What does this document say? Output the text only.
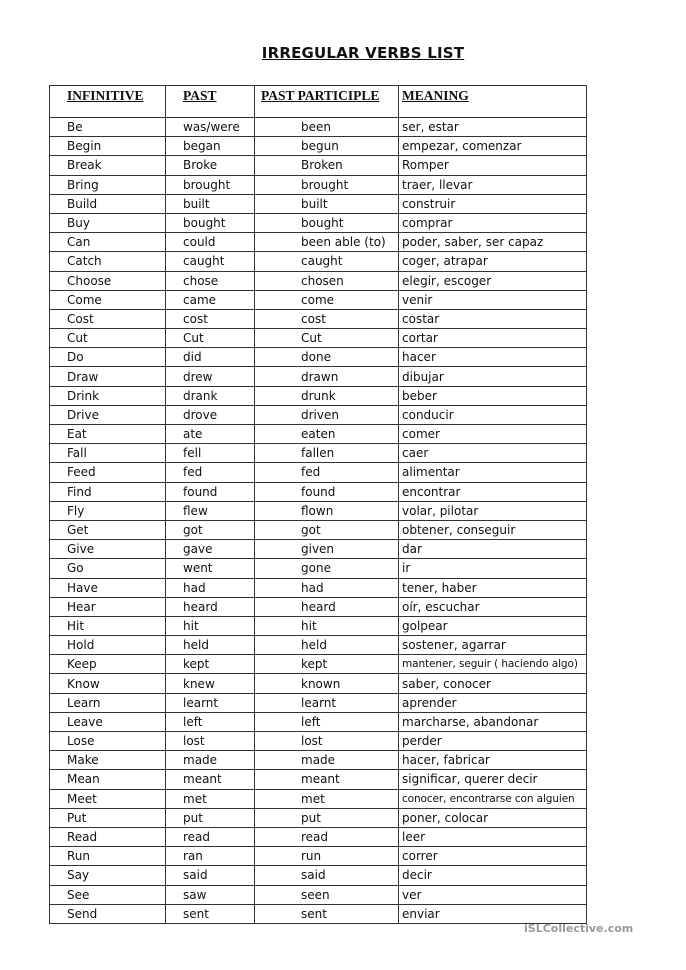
IRREGULAR VERBS LIST
INFINITIVE	PAST	PAST PARTICIPLE	MEANING
Be	was/were	been	ser, estar
Begin	began	begun	empezar, comenzar
Break	Broke	Broken	Romper
Bring	brought	brought	traer, llevar
Build	built	built	construir
Buy	bought	bought	comprar
Can	could	been able (to)	poder, saber, ser capaz
Catch	caught	caught	coger, atrapar
Choose	chose	chosen	elegir, escoger
Come	came	come	venir
Cost	cost	cost	costar
Cut	Cut	Cut	cortar
Do	did	done	hacer
Draw	drew	drawn	dibujar
Drink	drank	drunk	beber
Drive	drove	driven	conducir
Eat	ate	eaten	comer
Fall	fell	fallen	caer
Feed	fed	fed	alimentar
Find	found	found	encontrar
Fly	flew	flown	volar, pilotar
Get	got	got	obtener, conseguir
Give	gave	given	dar
Go	went	gone	ir
Have	had	had	tener, haber
Hear	heard	heard	oír, escuchar
Hit	hit	hit	golpear
Hold	held	held	sostener, agarrar
Keep	kept	kept	mantener, seguir ( haciendo algo)
Know	knew	known	saber, conocer
Learn	learnt	learnt	aprender
Leave	left	left	marcharse, abandonar
Lose	lost	lost	perder
Make	made	made	hacer, fabricar
Mean	meant	meant	significar, querer decir
Meet	met	met	conocer, encontrarse con alguien
Put	put	put	poner, colocar
Read	read	read	leer
Run	ran	run	correr
Say	said	said	decir
See	saw	seen	ver
Send	sent	sent	enviar
iSLCollective.com
